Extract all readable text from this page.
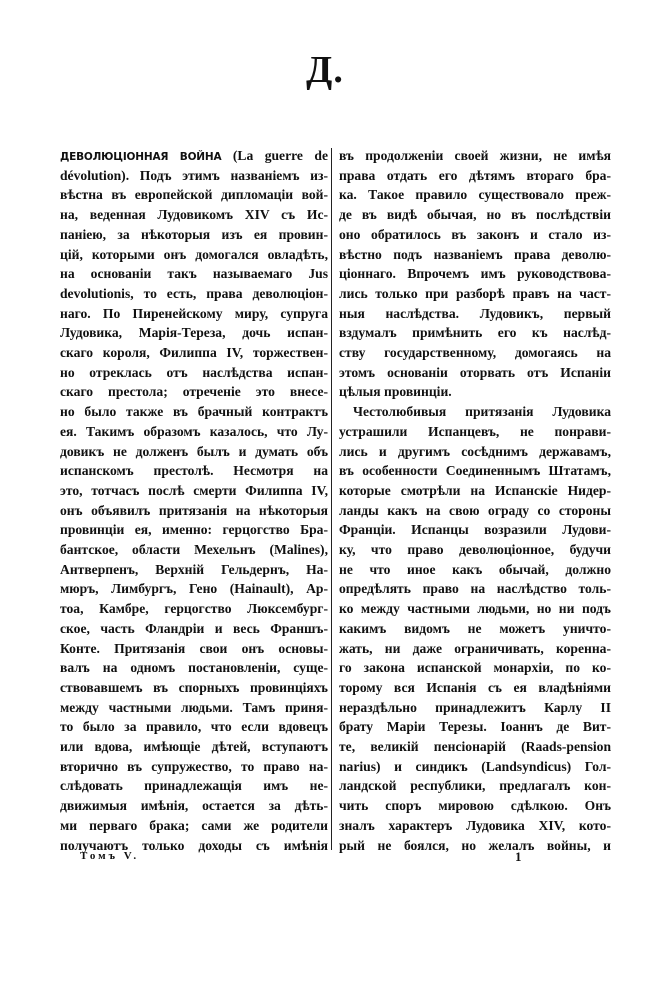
Д.
ДЕВОЛЮЦІОННАЯ ВОЙНА (La guerre de
dévolution). Подъ этимъ названіемъ из-
вѣстна въ европейской дипломаціи вой-
на, веденная Лудовикомъ XIV съ Ис-
паніею, за нѣкоторыя изъ ея провин-
цій, которыми онъ домогался овладѣть,
на основаніи такъ называемаго Jus
devolutionis, то есть, права деволюціон-
наго. По Пиренейскому миру, супруга
Лудовика, Марія-Тереза, дочь испан-
скаго короля, Филиппа IV, торжествен-
но отреклась отъ наслѣдства испан-
скаго престола; отреченіе это внесе-
но было также въ брачный контрактъ
ея. Такимъ образомъ казалось, что Лу-
довикъ не долженъ былъ и думать объ
испанскомъ престолѣ. Несмотря на
это, тотчасъ послѣ смерти Филиппа IV,
онъ объявилъ притязанія на нѣкоторыя
провинціи ея, именно: герцогство Бра-
бантское, области Мехельнъ (Malines),
Антверпенъ, Верхній Гельдернъ, На-
мюръ, Лимбургъ, Гено (Hainault), Ар-
тоа, Камбре, герцогство Люксембург-
ское, часть Фландріи и весь Франшъ-
Конте. Притязанія свои онъ основы-
валъ на одномъ постановленіи, суще-
ствовавшемъ въ спорныхъ провинціяхъ
между частными людьми. Тамъ приня-
то было за правило, что если вдовецъ
или вдова, имѣющіе дѣтей, вступаютъ
вторично въ супружество, то право на-
слѣдовать принадлежащія имъ не-
движимыя имѣнія, остается за дѣть-
ми перваго брака; сами же родители
получаютъ только доходы съ имѣнія
въ продолженіи своей жизни, не имѣя
права отдать его дѣтямъ втораго бра-
ка. Такое правило существовало преж-
де въ видѣ обычая, но въ послѣдствіи
оно обратилось въ законъ и стало из-
вѣстно подъ названіемъ права деволю-
ціоннаго. Впрочемъ имъ руководствова-
лись только при разборѣ правъ на част-
ныя наслѣдства. Лудовикъ, первый
вздумалъ примѣнить его къ наслѣд-
ству государственному, домогаясь на
этомъ основаніи оторвать отъ Испаніи
цѣлыя провинціи.
Честолюбивыя притязанія Лудовика
устрашили Испанцевъ, не понрави-
лись и другимъ сосѣднимъ державамъ,
въ особенности Соединеннымъ Штатамъ,
которые смотрѣли на Испанскіе Нидер-
ланды какъ на свою ограду со стороны
Франціи. Испанцы возразили Лудови-
ку, что право деволюціонное, будучи
не что иное какъ обычай, должно
опредѣлять право на наслѣдство толь-
ко между частными людьми, но ни подъ
какимъ видомъ не можетъ уничто-
жать, ни даже ограничивать, коренна-
го закона испанской монархіи, по ко-
торому вся Испанія съ ея владѣніями
нераздѣльно принадлежитъ Карлу II
брату Маріи Терезы. Іоаннъ де Вит-
те, великій пенсіонарій (Raads-pension
narius) и синдикъ (Landsyndicus) Гол-
ландской республики, предлагалъ кон-
чить споръ мировою сдѣлкою. Онъ
зналъ характеръ Лудовика XIV, кото-
рый не боялся, но желалъ войны, и
Томъ V.	1
